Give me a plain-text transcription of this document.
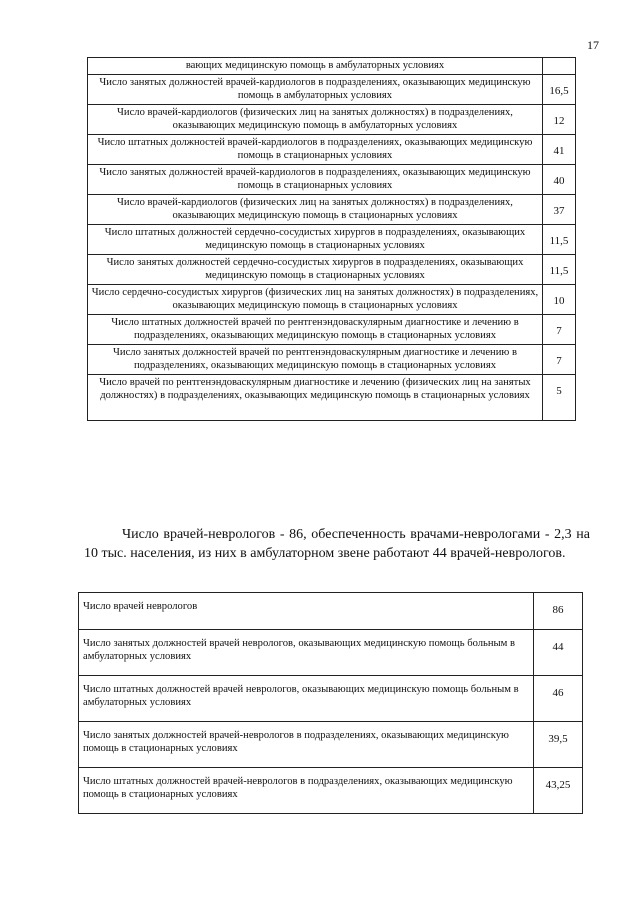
17
вающих медицинскую помощь в амбулаторных условиях	
Число занятых должностей врачей-кардиологов в подразделениях, оказывающих медицинскую помощь в амбулаторных условиях	16,5
Число врачей-кардиологов (физических лиц на занятых должностях) в подразделениях, оказывающих медицинскую помощь в амбулаторных условиях	12
Число штатных должностей врачей-кардиологов в подразделениях, оказывающих медицинскую помощь в стационарных условиях	41
Число занятых должностей врачей-кардиологов в подразделениях, оказывающих медицинскую помощь в стационарных условиях	40
Число врачей-кардиологов (физических лиц на занятых должностях) в подразделениях, оказывающих медицинскую помощь в стационарных условиях	37
Число штатных должностей сердечно-сосудистых хирургов в подразделениях, оказывающих медицинскую помощь в стационарных условиях	11,5
Число занятых должностей сердечно-сосудистых хирургов в подразделениях, оказывающих медицинскую помощь в стационарных условиях	11,5
Число сердечно-сосудистых хирургов (физических лиц на занятых должностях) в подразделениях, оказывающих медицинскую помощь в стационарных условиях	10
Число штатных должностей врачей по рентгенэндоваскулярным диагностике и лечению в подразделениях, оказывающих медицинскую помощь в стационарных условиях	7
Число занятых должностей врачей по рентгенэндоваскулярным диагностике и лечению в подразделениях, оказывающих медицинскую помощь в стационарных условиях	7
Число врачей по рентгенэндоваскулярным диагностике и лечению (физических лиц на занятых должностях) в подразделениях, оказывающих медицинскую помощь в стационарных условиях	5

Число врачей-неврологов - 86, обеспеченность врачами-неврологами - 2,3 на 10 тыс. населения, из них в амбулаторном звене работают 44 врачей-неврологов.

Число врачей неврологов	86
Число занятых должностей врачей неврологов, оказывающих медицинскую помощь больным в амбулаторных условиях	44
Число штатных должностей врачей неврологов, оказывающих медицинскую помощь больным в амбулаторных условиях	46
Число занятых должностей врачей-неврологов в подразделениях, оказывающих медицинскую помощь в стационарных условиях	39,5
Число штатных должностей врачей-неврологов в подразделениях, оказывающих медицинскую помощь в стационарных условиях	43,25
